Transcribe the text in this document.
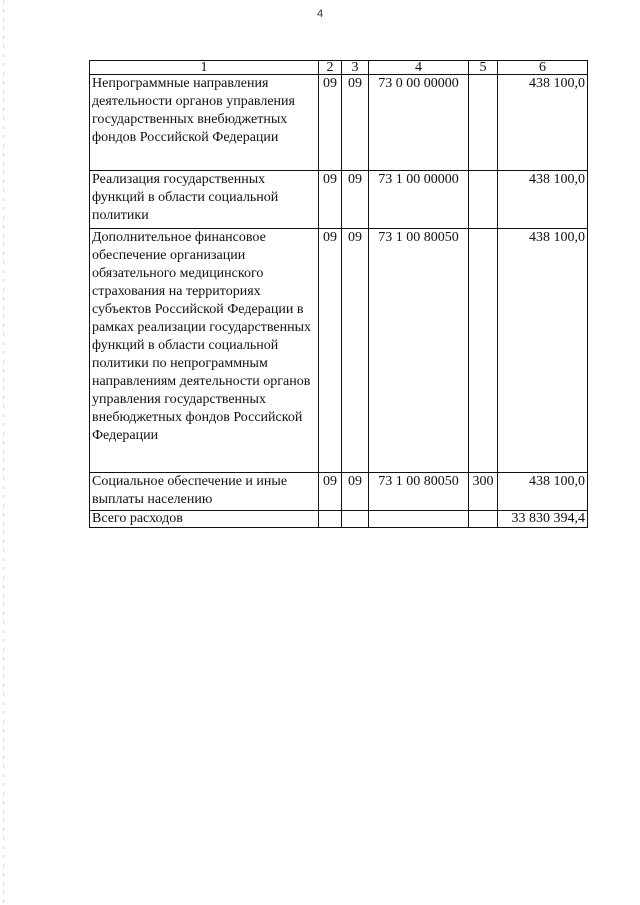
4
1	2	3	4	5	6
Непрограммные направления деятельности органов управления государственных внебюджетных фондов Российской Федерации	09	09	73 0 00 00000		438 100,0
Реализация государственных функций в области социальной политики	09	09	73 1 00 00000		438 100,0
Дополнительное финансовое обеспечение организации обязательного медицинского страхования на территориях субъектов Российской Федерации в рамках реализации государственных функций в области социальной политики по непрограммным направлениям деятельности органов управления государственных внебюджетных фондов Российской Федерации	09	09	73 1 00 80050		438 100,0
Социальное обеспечение и иные выплаты населению	09	09	73 1 00 80050	300	438 100,0
Всего расходов					33 830 394,4
